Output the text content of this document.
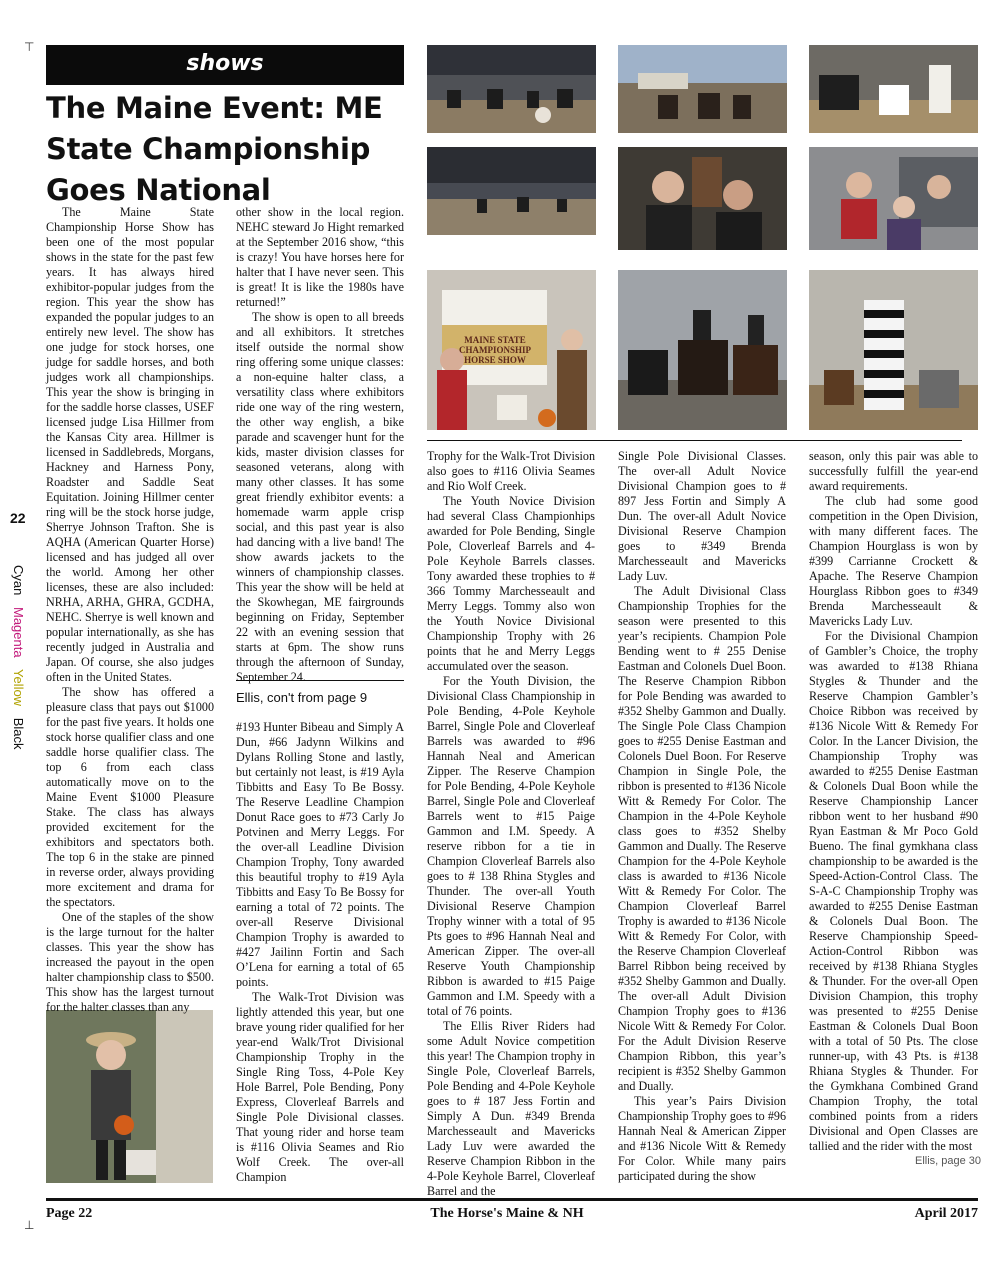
⊤
⊥
shows
The Maine Event: ME State Championship Goes National
22
Cyan Magenta Yellow Black
MAINE STATE CHAMPIONSHIP HORSE SHOW

The Maine State Championship Horse Show has been one of the most popular shows in the state for the past few years. It has always hired exhibitor-popular judges from the region. This year the show has expanded the popular judges to an entirely new level. The show has one judge for stock horses, one judge for saddle horses, and both judges work all championships. This year the show is bringing in for the saddle horse classes, USEF licensed judge Lisa Hillmer from the Kansas City area. Hillmer is licensed in Saddlebreds, Morgans, Hackney and Harness Pony, Roadster and Saddle Seat Equitation. Joining Hillmer center ring will be the stock horse judge, Sherrye Johnson Trafton. She is AQHA (American Quarter Horse) licensed and has judged all over the world. Among her other licenses, these are also included: NRHA, ARHA, GHRA, GCDHA, NEHC. Sherrye is well known and popular internationally, as she has recently judged in Australia and Japan. Of course, she also judges often in the United States.

The show has offered a pleasure class that pays out $1000 for the past five years. It holds one stock horse qualifier class and one saddle horse qualifier class. The top 6 from each class automatically move on to the Maine Event $1000 Pleasure Stake. The class has always provided excitement for the exhibitors and spectators both. The top 6 in the stake are pinned in reverse order, always providing more excitement and drama for the spectators.

One of the staples of the show is the large turnout for the halter classes. This year the show has increased the payout in the open halter championship class to $500. This show has the largest turnout for the halter classes than any

other show in the local region. NEHC steward Jo Hight remarked at the September 2016 show, “this is crazy! You have horses here for halter that I have never seen. This is great! It is like the 1980s have returned!”

The show is open to all breeds and all exhibitors. It stretches itself outside the normal show ring offering some unique classes: a non-equine halter class, a versatility class where exhibitors ride one way of the ring western, the other way english, a bike parade and scavenger hunt for the kids, master division classes for seasoned veterans, along with many other classes. It has some great friendly exhibitor events: a homemade warm apple crisp social, and this past year is also had dancing with a live band! The show awards jackets to the winners of championship classes. This year the show will be held at the Skowhegan, ME fairgrounds beginning on Friday, September 22 with an evening session that starts at 6pm. The show runs through the afternoon of Sunday, September 24.

Ellis, con't from page 9

#193 Hunter Bibeau and Simply A Dun, #66 Jadynn Wilkins and Dylans Rolling Stone and lastly, but certainly not least, is #19 Ayla Tibbitts and Easy To Be Bossy. The Reserve Leadline Champion Donut Race goes to #73 Carly Jo Potvinen and Merry Leggs. For the over-all Leadline Division Champion Trophy, Tony awarded this beautiful trophy to #19 Ayla Tibbitts and Easy To Be Bossy for earning a total of 72 points. The over-all Reserve Divisional Champion Trophy is awarded to #427 Jailinn Fortin and Sach O’Lena for earning a total of 65 points.

The Walk-Trot Division was lightly attended this year, but one brave young rider qualified for her year-end Walk/Trot Divisional Championship Trophy in the Single Ring Toss, 4-Pole Key Hole Barrel, Pole Bending, Pony Express, Cloverleaf Barrels and Single Pole Divisional classes. That young rider and horse team is #116 Olivia Seames and Rio Wolf Creek. The over-all Champion

Trophy for the Walk-Trot Division also goes to #116 Olivia Seames and Rio Wolf Creek.

The Youth Novice Division had several Class Championhips awarded for Pole Bending, Single Pole, Cloverleaf Barrels and 4-Pole Keyhole Barrels classes. Tony awarded these trophies to # 366 Tommy Marchesseault and Merry Leggs. Tommy also won the Youth Novice Divisional Championship Trophy with 26 points that he and Merry Leggs accumulated over the season.

For the Youth Division, the Divisional Class Championship in Pole Bending, 4-Pole Keyhole Barrel, Single Pole and Cloverleaf Barrels was awarded to #96 Hannah Neal and American Zipper. The Reserve Champion for Pole Bending, 4-Pole Keyhole Barrel, Single Pole and Cloverleaf Barrels went to #15 Paige Gammon and I.M. Speedy. A reserve ribbon for a tie in Champion Cloverleaf Barrels also goes to # 138 Rhina Stygles and Thunder. The over-all Youth Divisional Reserve Champion Trophy winner with a total of 95 Pts goes to #96 Hannah Neal and American Zipper. The over-all Reserve Youth Championship Ribbon is awarded to #15 Paige Gammon and I.M. Speedy with a total of 76 points.

The Ellis River Riders had some Adult Novice competition this year! The Champion trophy in Single Pole, Cloverleaf Barrels, Pole Bending and 4-Pole Keyhole goes to # 187 Jess Fortin and Simply A Dun. #349 Brenda Marchesseault and Mavericks Lady Luv were awarded the Reserve Champion Ribbon in the 4-Pole Keyhole Barrel, Cloverleaf Barrel and the

Single Pole Divisional Classes. The over-all Adult Novice Divisional Champion goes to # 897 Jess Fortin and Simply A Dun. The over-all Adult Novice Divisional Reserve Champion goes to #349 Brenda Marchesseault and Mavericks Lady Luv.

The Adult Divisional Class Championship Trophies for the season were presented to this year’s recipients. Champion Pole Bending went to # 255 Denise Eastman and Colonels Duel Boon. The Reserve Champion Ribbon for Pole Bending was awarded to #352 Shelby Gammon and Dually. The Single Pole Class Champion goes to #255 Denise Eastman and Colonels Duel Boon. For Reserve Champion in Single Pole, the ribbon is presented to #136 Nicole Witt & Remedy For Color. The Champion in the 4-Pole Keyhole class goes to #352 Shelby Gammon and Dually. The Reserve Champion for the 4-Pole Keyhole class is awarded to #136 Nicole Witt & Remedy For Color. The Champion Cloverleaf Barrel Trophy is awarded to #136 Nicole Witt & Remedy For Color, with the Reserve Champion Cloverleaf Barrel Ribbon being received by #352 Shelby Gammon and Dually. The over-all Adult Division Champion Trophy goes to #136 Nicole Witt & Remedy For Color. For the Adult Division Reserve Champion Ribbon, this year’s recipient is #352 Shelby Gammon and Dually.

This year’s Pairs Division Championship Trophy goes to #96 Hannah Neal & American Zipper and #136 Nicole Witt & Remedy For Color. While many pairs participated during the show

season, only this pair was able to successfully fulfill the year-end award requirements.

The club had some good competition in the Open Division, with many different faces. The Champion Hourglass is won by #399 Carrianne Crockett & Apache. The Reserve Champion Hourglass Ribbon goes to #349 Brenda Marchesseault & Mavericks Lady Luv.

For the Divisional Champion of Gambler’s Choice, the trophy was awarded to #138 Rhiana Stygles & Thunder and the Reserve Champion Gambler’s Choice Ribbon was received by #136 Nicole Witt & Remedy For Color. In the Lancer Division, the Championship Trophy was awarded to #255 Denise Eastman & Colonels Dual Boon while the Reserve Championship Lancer ribbon went to her husband #90 Ryan Eastman & Mr Poco Gold Bueno. The final gymkhana class championship to be awarded is the Speed-Action-Control Class. The S-A-C Championship Trophy was awarded to #255 Denise Eastman & Colonels Dual Boon. The Reserve Championship Speed-Action-Control Ribbon was received by #138 Rhiana Stygles & Thunder. For the over-all Open Division Champion, this trophy was presented to #255 Denise Eastman & Colonels Dual Boon with a total of 50 Pts. The close runner-up, with 43 Pts. is #138 Rhiana Stygles & Thunder. For the Gymkhana Combined Grand Champion Trophy, the total combined points from a riders Divisional and Open Classes are tallied and the rider with the most

Ellis, page 30
Page 22	The Horse's Maine & NH	April 2017
